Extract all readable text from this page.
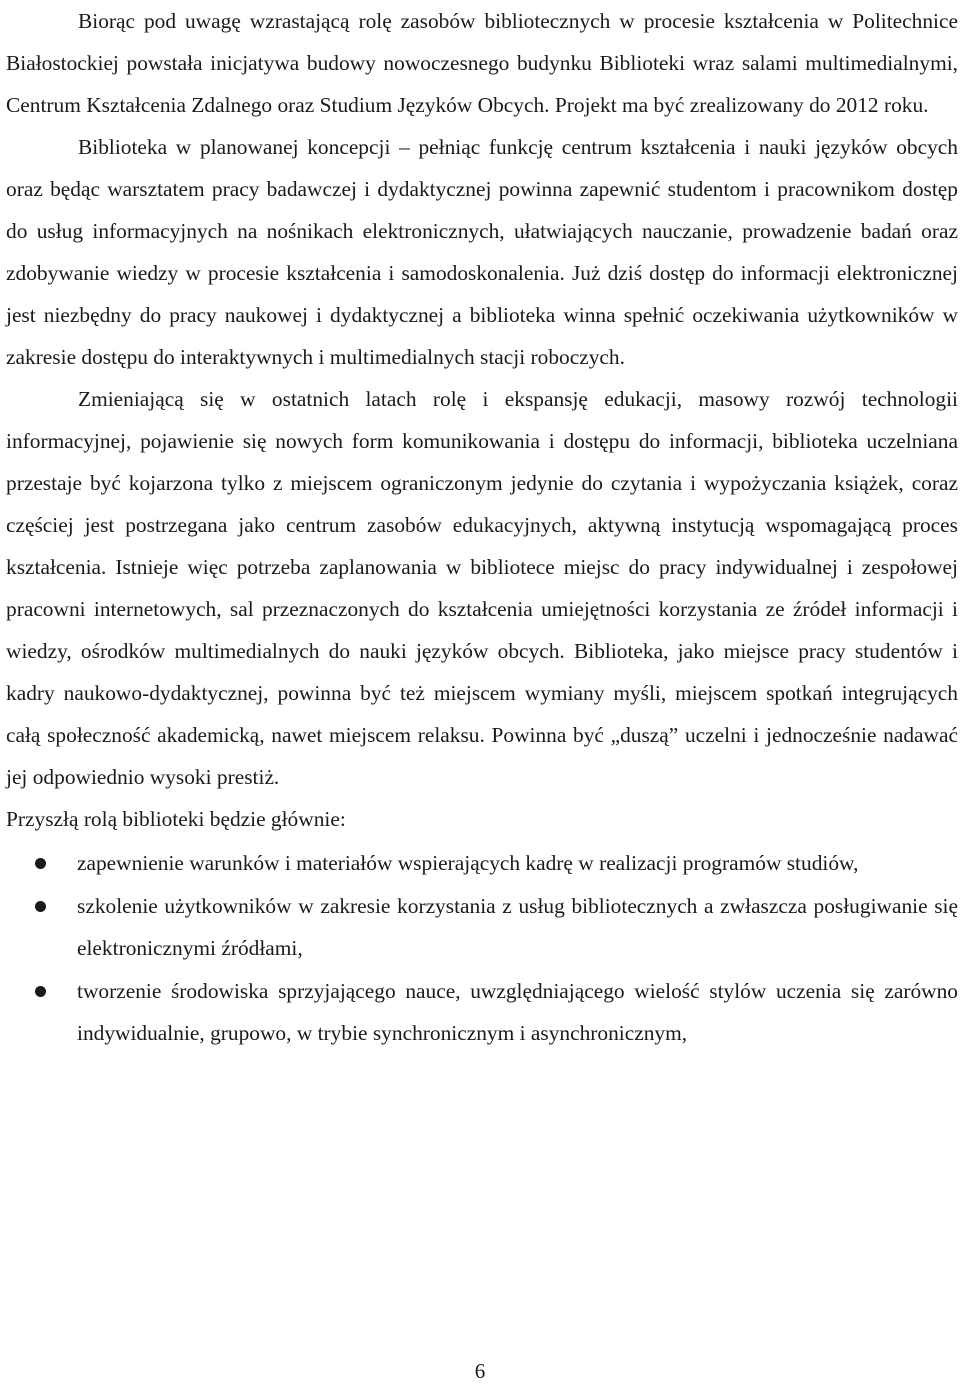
Biorąc pod uwagę wzrastającą rolę zasobów bibliotecznych w procesie kształcenia w Politechnice Białostockiej powstała inicjatywa budowy nowoczesnego budynku Biblioteki wraz salami multimedialnymi, Centrum Kształcenia Zdalnego oraz Studium Języków Obcych. Projekt ma być zrealizowany do 2012 roku.

Biblioteka w planowanej koncepcji – pełniąc funkcję centrum kształcenia i nauki języków obcych oraz będąc warsztatem pracy badawczej i dydaktycznej powinna zapewnić studentom i pracownikom dostęp do usług informacyjnych na nośnikach elektronicznych, ułatwiających nauczanie, prowadzenie badań oraz zdobywanie wiedzy w procesie kształcenia i samodoskonalenia. Już dziś dostęp do informacji elektronicznej jest niezbędny do pracy naukowej i dydaktycznej a biblioteka winna spełnić oczekiwania użytkowników w zakresie dostępu do interaktywnych i multimedialnych stacji roboczych.

Zmieniającą się w ostatnich latach rolę i ekspansję edukacji, masowy rozwój technologii informacyjnej, pojawienie się nowych form komunikowania i dostępu do informacji, biblioteka uczelniana przestaje być kojarzona tylko z miejscem ograniczonym jedynie do czytania i wypożyczania książek, coraz częściej jest postrzegana jako centrum zasobów edukacyjnych, aktywną instytucją wspomagającą proces kształcenia. Istnieje więc potrzeba zaplanowania w bibliotece miejsc do pracy indywidualnej i zespołowej pracowni internetowych, sal przeznaczonych do kształcenia umiejętności korzystania ze źródeł informacji i wiedzy, ośrodków multimedialnych do nauki języków obcych. Biblioteka, jako miejsce pracy studentów i kadry naukowo-dydaktycznej, powinna być też miejscem wymiany myśli, miejscem spotkań integrujących całą społeczność akademicką, nawet miejscem relaksu. Powinna być „duszą” uczelni i jednocześnie nadawać jej odpowiednio wysoki prestiż.

Przyszłą rolą biblioteki będzie głównie:

zapewnienie warunków i materiałów wspierających kadrę w realizacji programów studiów,
szkolenie użytkowników w zakresie korzystania z usług bibliotecznych a zwłaszcza posługiwanie się elektronicznymi źródłami,
tworzenie środowiska sprzyjającego nauce, uwzględniającego wielość stylów uczenia się zarówno indywidualnie, grupowo, w trybie synchronicznym i asynchronicznym,
6
